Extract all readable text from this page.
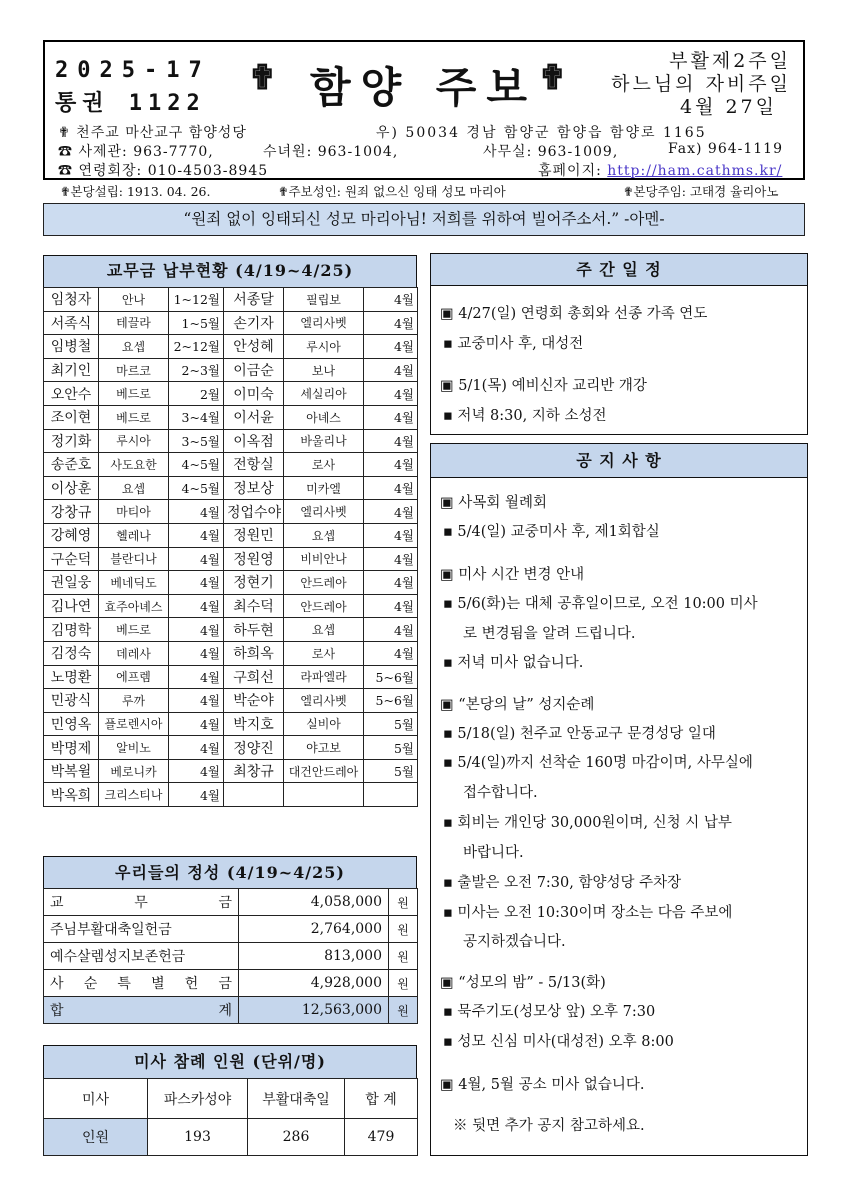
2025-17
통권 1122
✟ 함양 주보 ✟	부활제2주일
하느님의 자비주일
4월 27일
✟ 천주교 마산교구 함양성당	우) 50034 경남 함양군 함양읍 함양로 1165
☎ 사제관: 963-7770,	수녀원: 963-1004,	사무실: 963-1009,	Fax) 964-1119
☎ 연령회장: 010-4503-8945	홈페이지: http://ham.cathms.kr/
✟본당설립: 1913. 04. 26.	✟주보성인: 원죄 없으신 잉태 성모 마리아	✟본당주임: 고태경 율리아노
“원죄 없이 잉태되신 성모 마리아님! 저희를 위하여 빌어주소서.” -아멘-
교무금 납부현황 (4/19~4/25)
임청자	안나	1~12월	서종달	필립보	4월
서족식	테끌라	1~5월	손기자	엘리사벳	4월
임병철	요셉	2~12월	안성혜	루시아	4월
최기인	마르코	2~3월	이금순	보나	4월
오안수	베드로	2월	이미숙	세실리아	4월
조이현	베드로	3~4월	이서윤	아녜스	4월
정기화	루시아	3~5월	이옥점	바울리나	4월
송준호	사도요한	4~5월	전항실	로사	4월
이상훈	요셉	4~5월	정보상	미카엘	4월
강창규	마티아	4월	정업수야	엘리사벳	4월
강혜영	헬레나	4월	정원민	요셉	4월
구순덕	블란디나	4월	정원영	비비안나	4월
권일웅	베네딕도	4월	정현기	안드레아	4월
김나연	효주아녜스	4월	최수덕	안드레아	4월
김명학	베드로	4월	하두현	요셉	4월
김정숙	데레사	4월	하희옥	로사	4월
노명환	에프렘	4월	구희선	라파엘라	5~6월
민광식	루까	4월	박순야	엘리사벳	5~6월
민영옥	플로렌시아	4월	박지호	실비아	5월
박명제	알비노	4월	정양진	야고보	5월
박복윌	베로니카	4월	최창규	대건안드레아	5월
박옥희	크리스티나	4월			
우리들의 정성 (4/19~4/25)
교 무 금	4,058,000	원
주님부활대축일헌금	2,764,000	원
예수살렘성지보존헌금	813,000	원
사 순 특 별 헌 금	4,928,000	원
합 계	12,563,000	원
미사 참례 인원 (단위/명)
미사	파스카성야	부활대축일	합 계
인원	193	286	479
주 간 일 정
▣ 4/27(일) 연령회 총회와 선종 가족 연도
▪ 교중미사 후, 대성전
▣ 5/1(목) 예비신자 교리반 개강
▪ 저녁 8:30, 지하 소성전
공 지 사 항
▣ 사목회 월례회
▪ 5/4(일) 교중미사 후, 제1회합실
▣ 미사 시간 변경 안내
▪ 5/6(화)는 대체 공휴일이므로, 오전 10:00 미사
로 변경됨을 알려 드립니다.
▪ 저녁 미사 없습니다.
▣ “본당의 날” 성지순례
▪ 5/18(일) 천주교 안동교구 문경성당 일대
▪ 5/4(일)까지 선착순 160명 마감이며, 사무실에
접수합니다.
▪ 회비는 개인당 30,000원이며, 신청 시 납부
바랍니다.
▪ 출발은 오전 7:30, 함양성당 주차장
▪ 미사는 오전 10:30이며 장소는 다음 주보에
공지하겠습니다.
▣ “성모의 밤” - 5/13(화)
▪ 묵주기도(성모상 앞) 오후 7:30
▪ 성모 신심 미사(대성전) 오후 8:00
▣ 4월, 5월 공소 미사 없습니다.
※ 뒷면 추가 공지 참고하세요.
